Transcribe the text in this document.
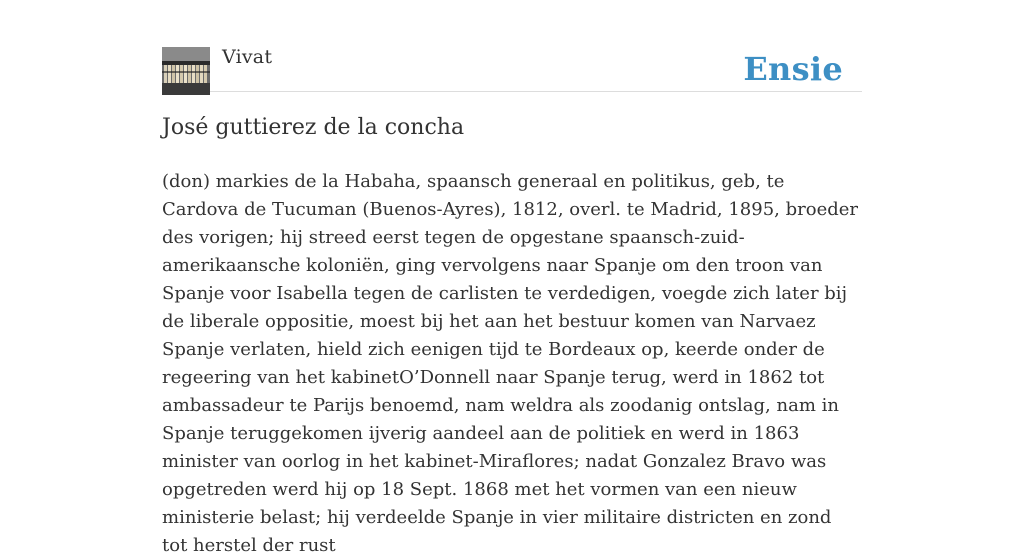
Vivat	Ensie
José guttierez de la concha

(don) markies de la Habaha, spaansch generaal en politikus, geb, te Cardova de Tucuman (Buenos-Ayres), 1812, overl. te Madrid, 1895, broeder des vorigen; hij streed eerst tegen de opgestane spaansch-zuid-amerikaansche koloniën, ging vervolgens naar Spanje om den troon van Spanje voor Isabella tegen de carlisten te verdedigen, voegde zich later bij de liberale oppositie, moest bij het aan het bestuur komen van Narvaez Spanje verlaten, hield zich eenigen tijd te Bordeaux op, keerde onder de regeering van het kabinetO’Donnell naar Spanje terug, werd in 1862 tot ambassadeur te Parijs benoemd, nam weldra als zoodanig ontslag, nam in Spanje teruggekomen ijverig aandeel aan de politiek en werd in 1863 minister van oorlog in het kabinet-Miraflores; nadat Gonzalez Bravo was opgetreden werd hij op 18 Sept. 1868 met het vormen van een nieuw ministerie belast; hij verdeelde Spanje in vier militaire districten en zond tot herstel der rust
